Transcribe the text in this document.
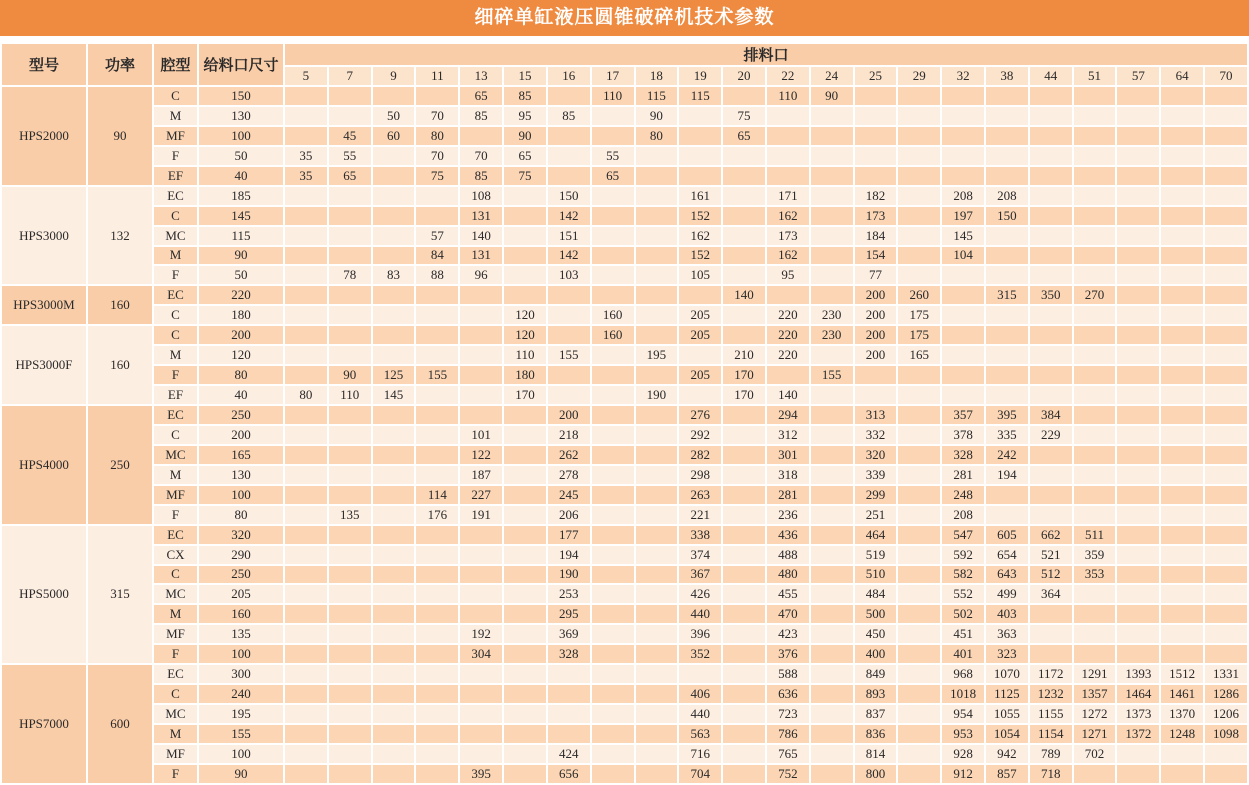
细碎单缸液压圆锥破碎机技术参数
型号	功率	腔型	给料口尺寸	排料口																					
				5	7	9	11	13	15	16	17	18	19	20	22	24	25	29	32	38	44	51	57	64	70
HPS2000	90	C	150					65	85		110	115	115		110	90									
		M	130			50	70	85	95	85		90		75											
		MF	100		45	60	80		90			80		65											
		F	50	35	55		70	70	65		55														
		EF	40	35	65		75	85	75		65														
HPS3000	132	EC	185					108		150			161		171		182		208	208					
		C	145					131		142			152		162		173		197	150					
		MC	115				57	140		151			162		173		184		145						
		M	90				84	131		142			152		162		154		104						
		F	50		78	83	88	96		103			105		95		77								
HPS3000M	160	EC	220											140			200	260		315	350	270			
		C	180						120		160		205		220	230	200	175							
HPS3000F	160	C	200						120		160		205		220	230	200	175							
		M	120						110	155		195		210	220		200	165							
		F	80		90	125	155		180				205	170		155									
		EF	40	80	110	145			170			190		170	140										
HPS4000	250	EC	250							200			276		294		313		357	395	384				
		C	200					101		218			292		312		332		378	335	229				
		MC	165					122		262			282		301		320		328	242					
		M	130					187		278			298		318		339		281	194					
		MF	100				114	227		245			263		281		299		248						
		F	80		135		176	191		206			221		236		251		208						
HPS5000	315	EC	320							177			338		436		464		547	605	662	511			
		CX	290							194			374		488		519		592	654	521	359			
		C	250							190			367		480		510		582	643	512	353			
		MC	205							253			426		455		484		552	499	364				
		M	160							295			440		470		500		502	403					
		MF	135					192		369			396		423		450		451	363					
		F	100					304		328			352		376		400		401	323					
HPS7000	600	EC	300												588		849		968	1070	1172	1291	1393	1512	1331
		C	240										406		636		893		1018	1125	1232	1357	1464	1461	1286
		MC	195										440		723		837		954	1055	1155	1272	1373	1370	1206
		M	155										563		786		836		953	1054	1154	1271	1372	1248	1098
		MF	100							424			716		765		814		928	942	789	702			
		F	90					395		656			704		752		800		912	857	718				
